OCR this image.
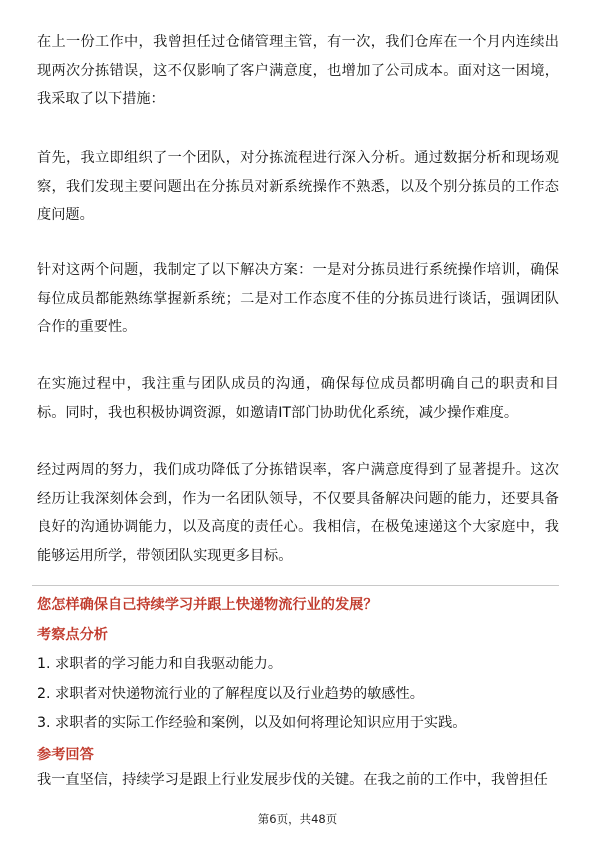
在上一份工作中，我曾担任过仓储管理主管，有一次，我们仓库在一个月内连续出现两次分拣错误，这不仅影响了客户满意度，也增加了公司成本。面对这一困境，我采取了以下措施：

首先，我立即组织了一个团队，对分拣流程进行深入分析。通过数据分析和现场观察，我们发现主要问题出在分拣员对新系统操作不熟悉，以及个别分拣员的工作态度问题。

针对这两个问题，我制定了以下解决方案：一是对分拣员进行系统操作培训，确保每位成员都能熟练掌握新系统；二是对工作态度不佳的分拣员进行谈话，强调团队合作的重要性。

在实施过程中，我注重与团队成员的沟通，确保每位成员都明确自己的职责和目标。同时，我也积极协调资源，如邀请IT部门协助优化系统，减少操作难度。

经过两周的努力，我们成功降低了分拣错误率，客户满意度得到了显著提升。这次经历让我深刻体会到，作为一名团队领导，不仅要具备解决问题的能力，还要具备良好的沟通协调能力，以及高度的责任心。我相信，在极兔速递这个大家庭中，我能够运用所学，带领团队实现更多目标。

您怎样确保自己持续学习并跟上快递物流行业的发展？

考察点分析

1. 求职者的学习能力和自我驱动能力。
2. 求职者对快递物流行业的了解程度以及行业趋势的敏感性。
3. 求职者的实际工作经验和案例，以及如何将理论知识应用于实践。

参考回答

我一直坚信，持续学习是跟上行业发展步伐的关键。在我之前的工作中，我曾担任

第6页，共48页
